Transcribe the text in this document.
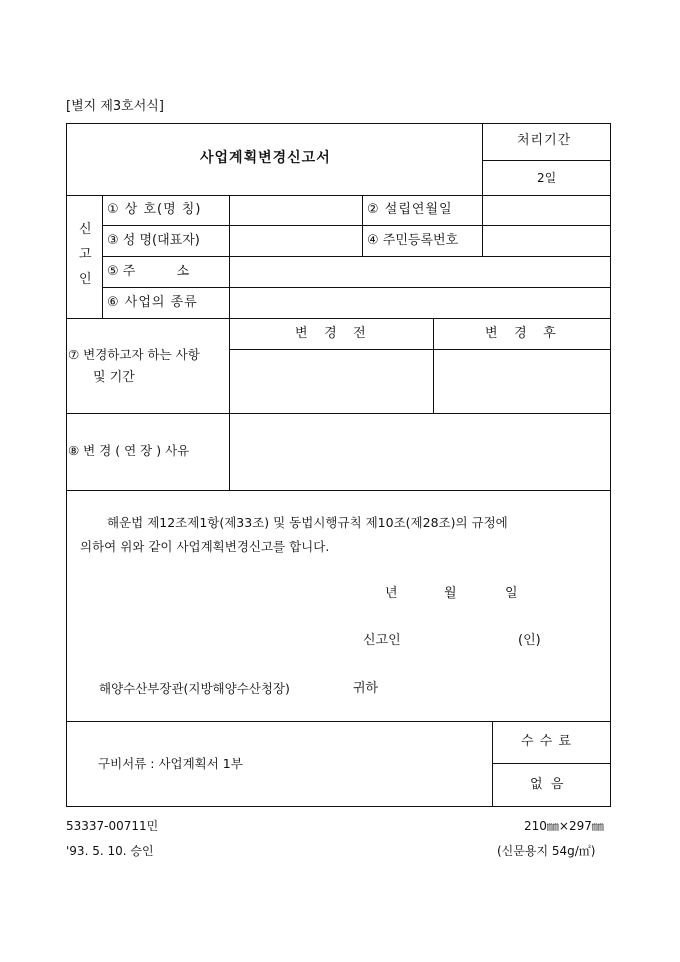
[별지 제3호서식]
사업계획변경신고서
처리기간
2일
신
고
인
① 상 호(명 칭)	② 설립연월일
③ 성 명(대표자)	④ 주민등록번호
⑤ 주          소
⑥ 사업의 종류
⑦ 변경하고자 하는 사항
및 기간
변    경    전	변    경    후
⑧ 변 경 ( 연 장 ) 사유
해운법 제12조제1항(제33조) 및 동법시행규칙 제10조(제28조)의 규정에
의하여 위와 같이 사업계획변경신고를 합니다.
년	월	일
신고인	(인)
해양수산부장관(지방해양수산청장)	귀하
구비서류 : 사업계획서 1부
수 수 료
없  음
53337-00711민
'93. 5. 10. 승인
210㎜×297㎜
(신문용지 54g/㎡)
